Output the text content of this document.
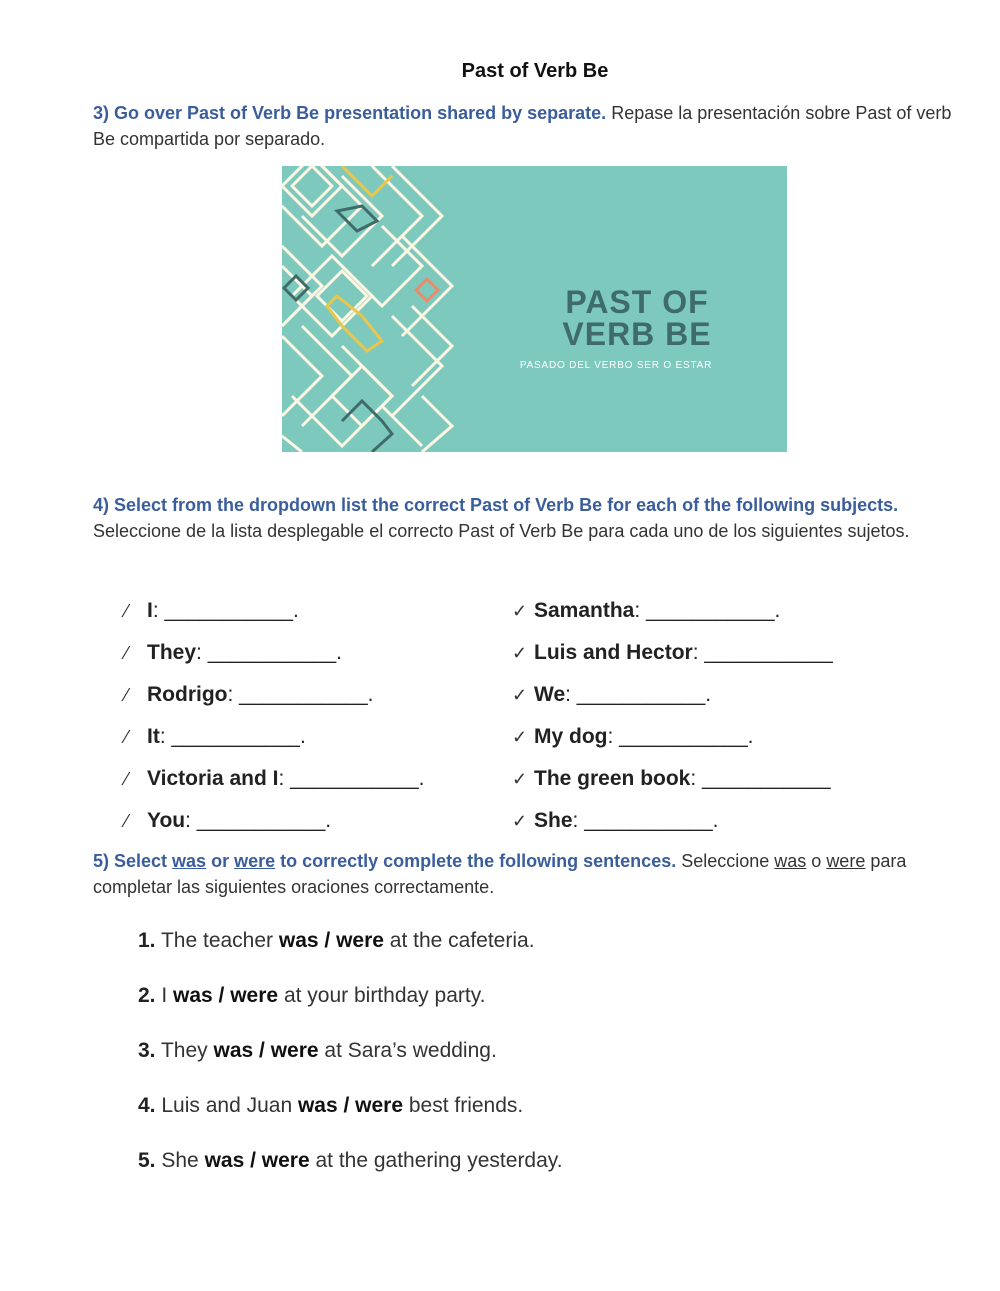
Past of Verb Be
3) Go over Past of Verb Be presentation shared by separate. Repase la presentación sobre Past of verb Be compartida por separado.
PAST OF
VERB BE
PASADO DEL VERBO SER O ESTAR
4) Select from the dropdown list the correct Past of Verb Be for each of the following subjects. Seleccione de la lista desplegable el correcto Past of Verb Be para cada uno de los siguientes sujetos.
⁄ I: ___________.
⁄ They: ___________.
⁄ Rodrigo: ___________.
⁄ It: ___________.
⁄ Victoria and I: ___________.
⁄ You: ___________.
✓ Samantha: ___________.
✓ Luis and Hector: ___________
✓ We: ___________.
✓ My dog: ___________.
✓ The green book: ___________
✓ She: ___________.
5) Select was or were to correctly complete the following sentences. Seleccione was o were para completar las siguientes oraciones correctamente.
1. The teacher was / were at the cafeteria.
2. I was / were at your birthday party.
3. They was / were at Sara’s wedding.
4. Luis and Juan was / were best friends.
5. She was / were at the gathering yesterday.
